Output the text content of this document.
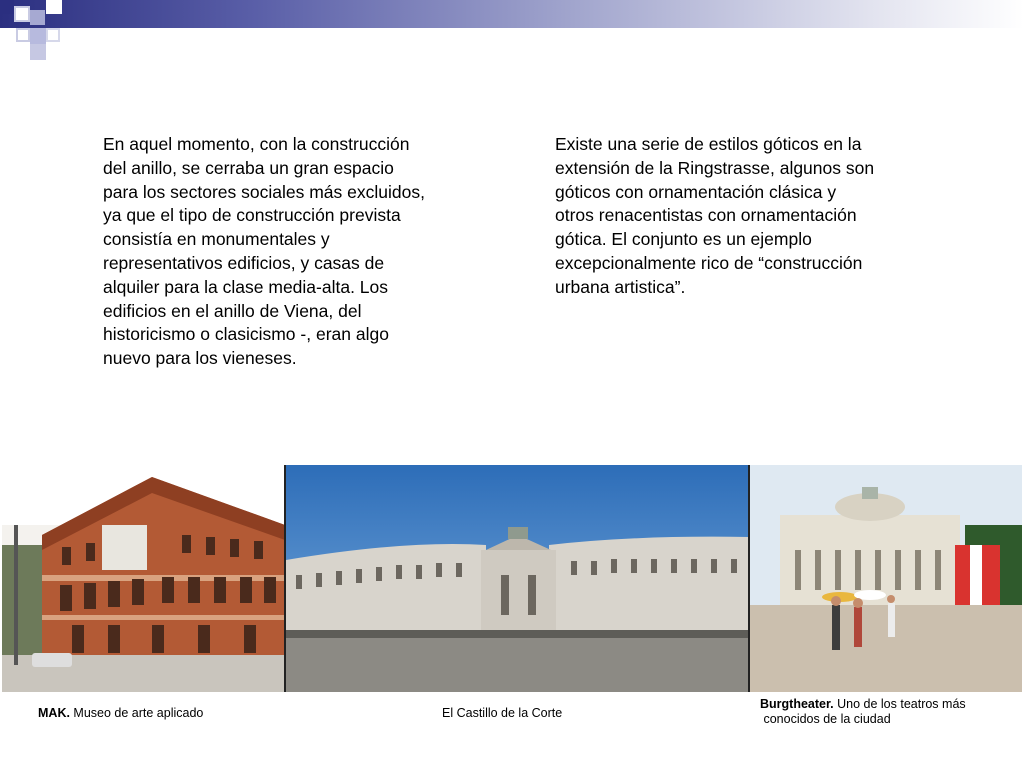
En aquel momento, con la construcción
del anillo, se cerraba un gran espacio
para los sectores sociales más excluidos,
ya que el tipo de construcción prevista
consistía en monumentales y
representativos edificios, y casas de
alquiler para la clase media-alta. Los
edificios en el anillo de Viena, del
historicismo o clasicismo -, eran algo
nuevo para los vieneses.

Existe una serie de estilos góticos en la
extensión de la Ringstrasse, algunos son
góticos con ornamentación clásica y
otros renacentistas con ornamentación
gótica. El conjunto es un ejemplo
excepcionalmente rico de “construcción
urbana artistica”.

MAK. Museo de arte aplicado	El Castillo de la Corte

Burgtheater. Uno de los teatros más
conocidos de la ciudad
